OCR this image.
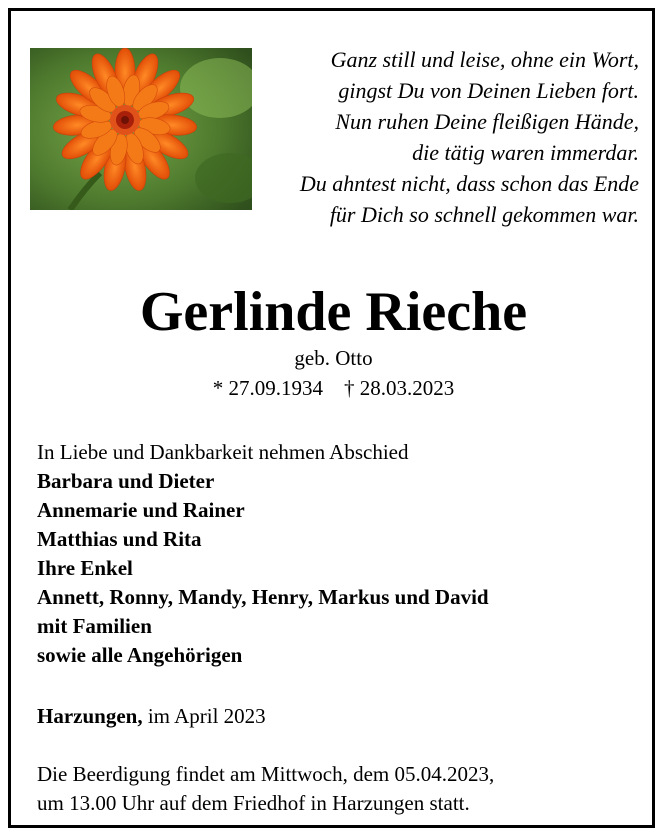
Ganz still und leise, ohne ein Wort,
gingst Du von Deinen Lieben fort.
Nun ruhen Deine fleißigen Hände,
die tätig waren immerdar.
Du ahntest nicht, dass schon das Ende
für Dich so schnell gekommen war.
Gerlinde Rieche
geb. Otto
* 27.09.1934    † 28.03.2023
In Liebe und Dankbarkeit nehmen Abschied
Barbara und Dieter
Annemarie und Rainer
Matthias und Rita
Ihre Enkel
Annett, Ronny, Mandy, Henry, Markus und David
mit Familien
sowie alle Angehörigen
Harzungen, im April 2023
Die Beerdigung findet am Mittwoch, dem 05.04.2023,
um 13.00 Uhr auf dem Friedhof in Harzungen statt.
